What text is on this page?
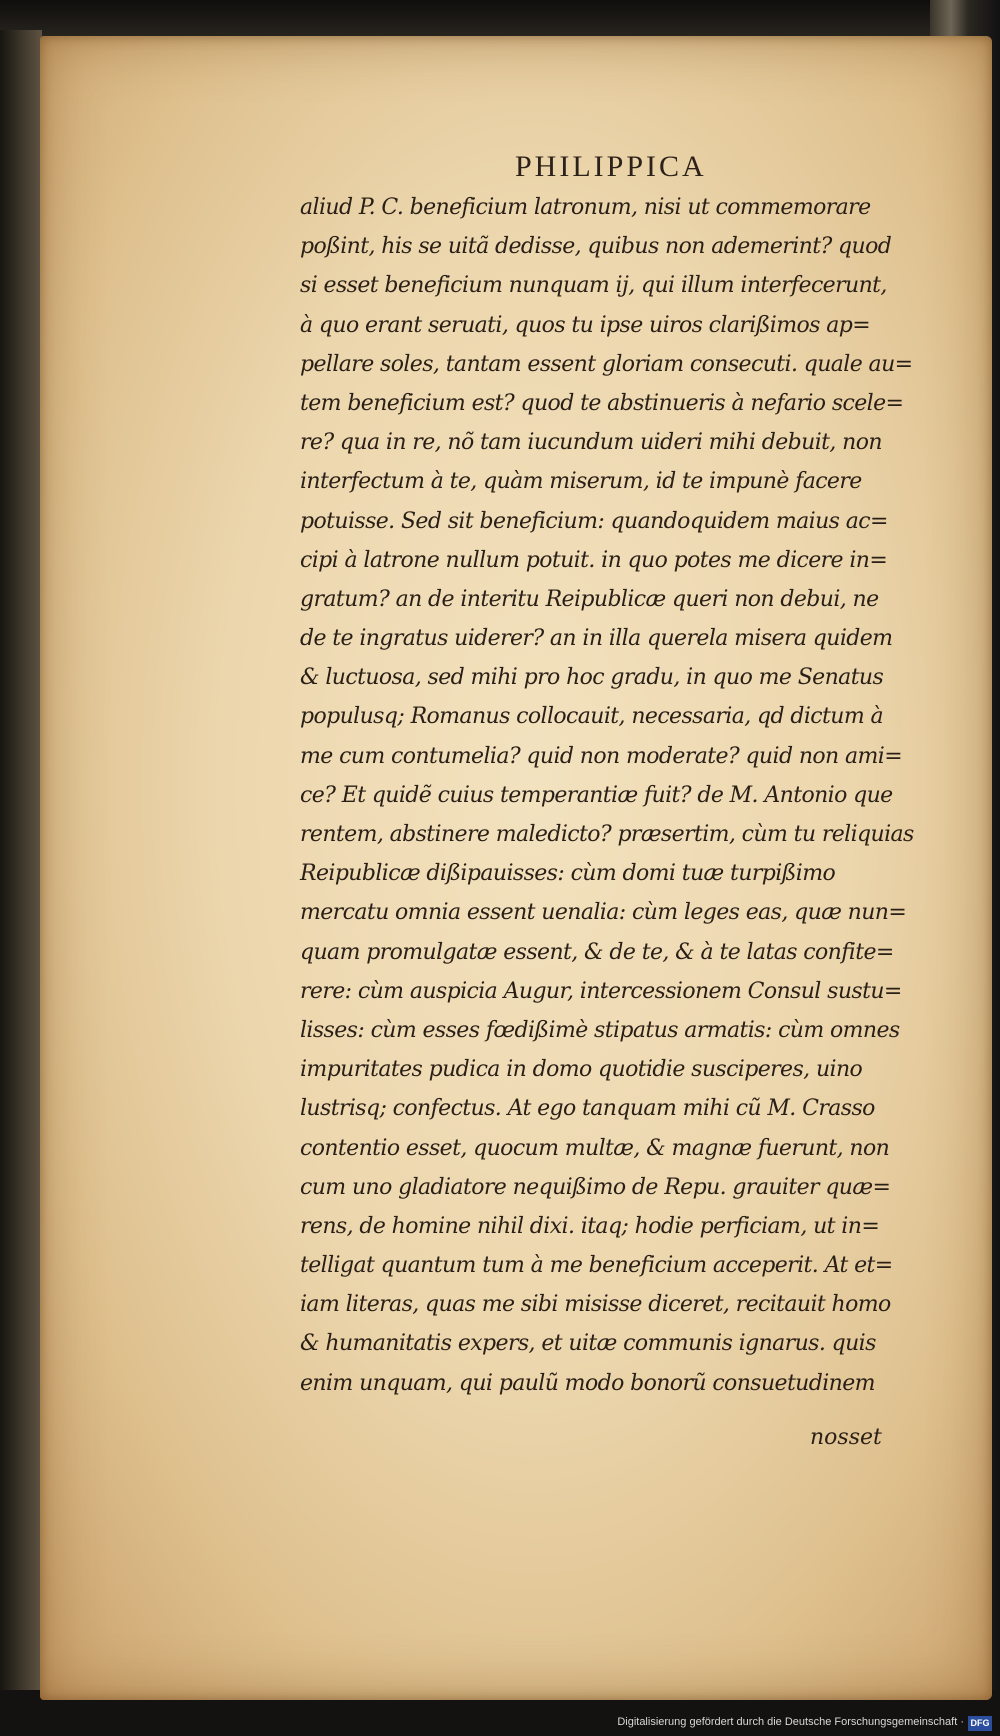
PHILIPPICA
aliud P. C. beneficium latronum, nisi ut commemorare
poßint, his se uitã dedisse, quibus non ademerint? quod
si esset beneficium nunquam ij, qui illum interfecerunt,
à quo erant seruati, quos tu ipse uiros clarißimos ap=
pellare soles, tantam essent gloriam consecuti. quale au=
tem beneficium est? quod te abstinueris à nefario scele=
re? qua in re, nõ tam iucundum uideri mihi debuit, non
interfectum à te, quàm miserum, id te impunè facere
potuisse. Sed sit beneficium: quandoquidem maius ac=
cipi à latrone nullum potuit. in quo potes me dicere in=
gratum? an de interitu Reipublicæ queri non debui, ne
de te ingratus uiderer? an in illa querela misera quidem
& luctuosa, sed mihi pro hoc gradu, in quo me Senatus
populusq; Romanus collocauit, necessaria, qd dictum à
me cum contumelia? quid non moderate? quid non ami=
ce? Et quidẽ cuius temperantiæ fuit? de M. Antonio que
rentem, abstinere maledicto? præsertim, cùm tu reliquias
Reipublicæ dißipauisses: cùm domi tuæ turpißimo
mercatu omnia essent uenalia: cùm leges eas, quæ nun=
quam promulgatæ essent, & de te, & à te latas confite=
rere: cùm auspicia Augur, intercessionem Consul sustu=
lisses: cùm esses fœdißimè stipatus armatis: cùm omnes
impuritates pudica in domo quotidie susciperes, uino
lustrisq; confectus. At ego tanquam mihi cũ M. Crasso
contentio esset, quocum multæ, & magnæ fuerunt, non
cum uno gladiatore nequißimo de Repu. grauiter quæ=
rens, de homine nihil dixi. itaq; hodie perficiam, ut in=
telligat quantum tum à me beneficium acceperit. At et=
iam literas, quas me sibi misisse diceret, recitauit homo
& humanitatis expers, et uitæ communis ignarus. quis
enim unquam, qui paulũ modo bonorũ consuetudinem
nosset
Digitalisierung gefördert durch die Deutsche Forschungsgemeinschaft · DFG
